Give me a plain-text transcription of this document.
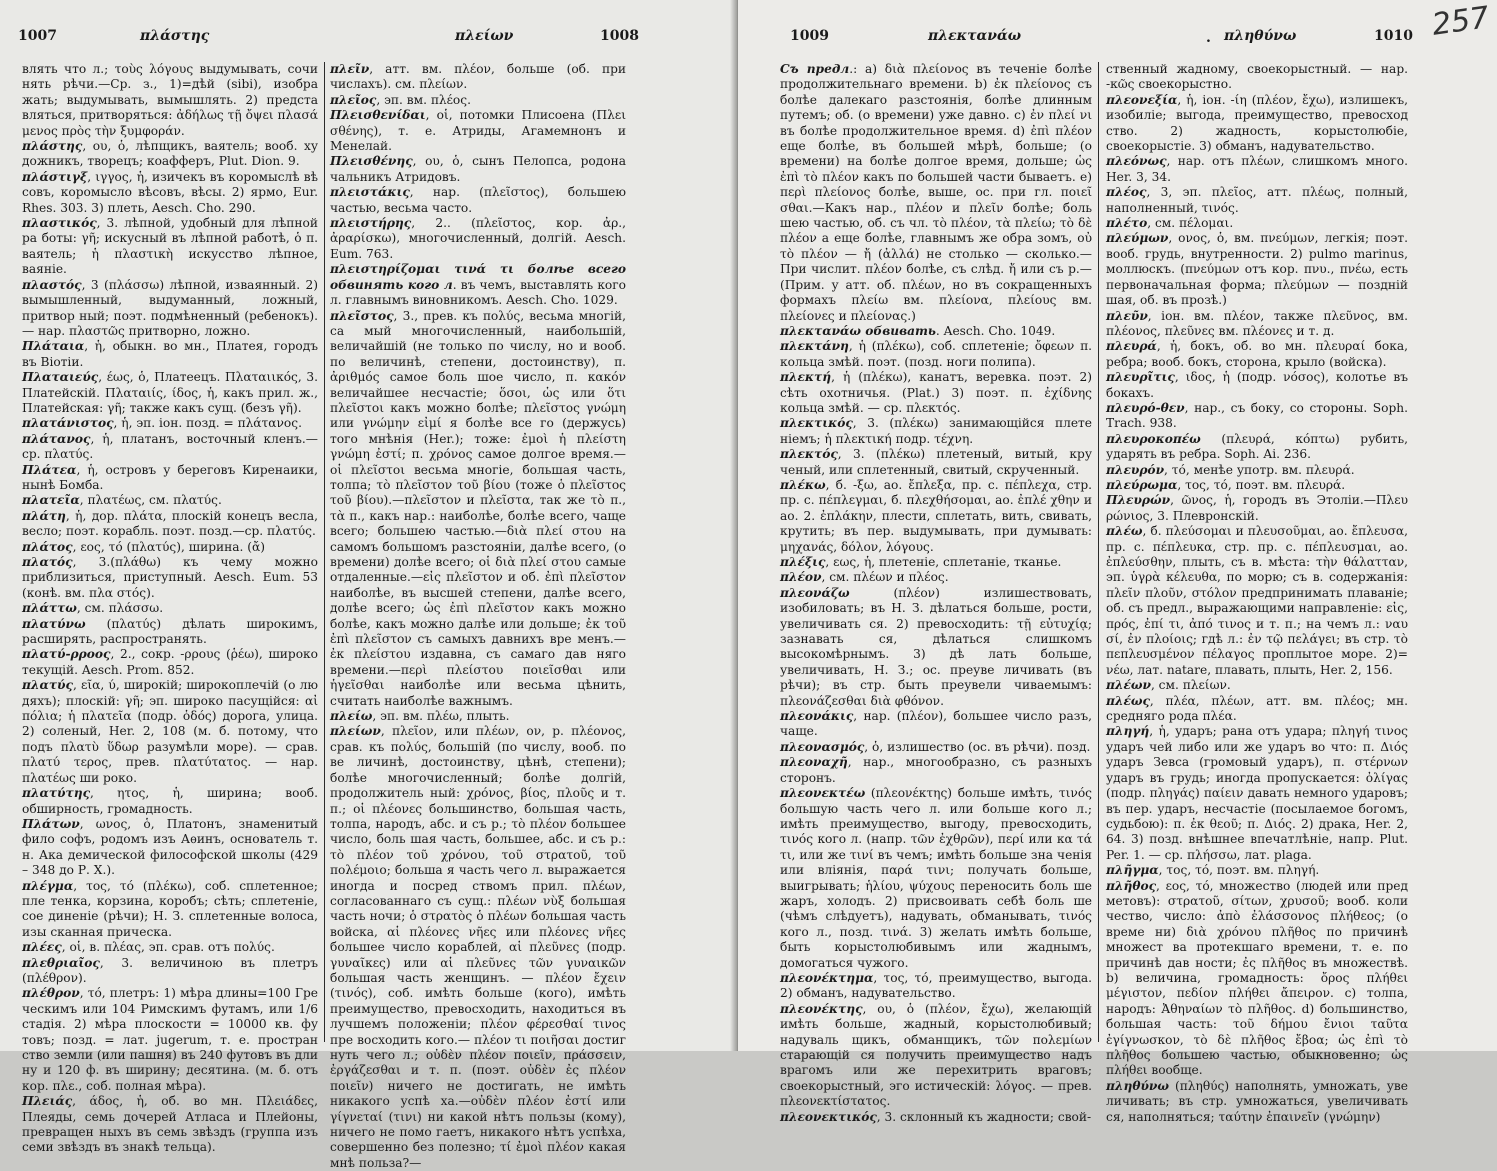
1007	πλάστης	πλείων	1008

влять что л.; τοὺς λόγους выдумывать, сочи нять рѣчи.—Ср. з., 1)=дѣй (sibi), изобра жать; выдумывать, вымышлять. 2) предста вляться, притворяться: ἀδήλως τῇ ὄψει πλασά μενος πρὸς τὴν ξυμφοράν.

πλάστης, ου, ὁ, лѣпщикъ, ваятель; вооб. ху дожникъ, творецъ; коафферъ, Plut. Dion. 9.

πλάστιγξ, ιγγος, ἡ, изичекъ въ коромыслѣ вѣ совъ, коромысло вѣсовъ, вѣсы. 2) ярмо, Eur. Rhes. 303. 3) плеть, Aesch. Cho. 290.

πλαστικός, 3. лѣпной, удобный для лѣпной ра боты: γῆ; искусный въ лѣпной работѣ, ὁ π. ваятель; ἡ πλαστικὴ искусство лѣпное, ваяніе.

πλαστός, 3 (πλάσσω) лѣпной, изваянный. 2) вымышленный, выдуманный, ложный, притвор ный; поэт. подмѣненный (ребенокъ). — нар. πλαστῶς притворно, ложно.

Πλάταια, ἡ, обыкн. во мн., Платея, городъ въ Віотіи.

Πλαταιεύς, έως, ὁ, Платеецъ. Πλαταιικός, 3. Платейскій. Πλαταιίς, ίδος, ἡ, какъ прил. ж., Платейская: γῆ; также какъ сущ. (безъ γῆ).

πλατάνιστος, ἡ, эп. іон. позд. = πλάτανος.

πλάτανος, ἡ, платанъ, восточный кленъ.—ср. πλατύς.

Πλάτεα, ἡ, островъ у береговъ Киренаики, нынѣ Бомба.

πλατεῖα, πλατέως, см. πλατύς.

πλάτη, ἡ, дор. πλάτα, плоскій конецъ весла, весло; поэт. корабль. поэт. позд.—ср. πλατύς.

πλάτος, εος, τό (πλατύς), ширина. (ἄ)

πλατός, 3.(πλάθω) къ чему можно приблизиться, приступный. Aesch. Eum. 53 (конѣ. вм. πλα στός).

πλάττω, см. πλάσσω.

πλατύνω (πλατύς) дѣлать широкимъ, расширять, распространять.

πλατύ-ρροος, 2., сокр. -ρρους (ῥέω), широко текущій. Aesch. Prom. 852.

πλατύς, εῖα, ύ, широкій; широкоплечій (о лю дяхъ); плоскій: γῆ; эп. широко пасущійся: αἰ πόλια; ἡ πλατεῖα (подр. ὁδός) дорога, улица. 2) соленый, Her. 2, 108 (м. б. потому, что подъ πλατὺ ὕδωρ разумѣли море). — срав. πλατύ τερος, прев. πλατύτατος. — нар. πλατέως ши роко.

πλατύτης, ητος, ἡ, ширина; вооб. обширность, громадность.

Πλάτων, ωνος, ὁ, Платонъ, знаменитый фило софъ, родомъ изъ Аѳинъ, основатель т. н. Ака демической философской школы (429 – 348 до Р. Х.).

πλέγμα, τος, τό (πλέκω), соб. сплетенное; пле тенка, корзина, коробъ; сѣть; сплетеніе, сое диненіе (рѣчи); Н. З. сплетенные волоса, изы сканная прическа.

πλέες, οἱ, в. πλέας, эп. срав. отъ πολύς.

πλεθριαῖος, 3. величиною въ плетръ (πλέθρον).

πλέθρον, τό, плетръ: 1) мѣра длины=100 Гре ческимъ или 104 Римскимъ футамъ, или 1/6 стадія. 2) мѣра плоскости = 10000 кв. фу товъ; позд. = лат. jugerum, т. е. простран ство земли (или пашня) въ 240 футовъ въ дли ну и 120 ф. въ ширину; десятина. (м. б. отъ кор. πλε., соб. полная мѣра).

Πλειάς, άδος, ἡ, об. во мн. Πλειάδες, Плеяды, семь дочерей Атласа и Плейоны, превращен ныхъ въ семь звѣздъ (группа изъ семи звѣздъ въ знакѣ тельца).

πλεῖν, атт. вм. πλέον, больше (об. при числахъ). см. πλείων.

πλεῖος, эп. вм. πλέος.

Πλεισθενίδαι, οἱ, потомки Плисоена (Πλει σθένης), т. е. Атриды, Агамемнонъ и Менелай.

Πλεισθένης, ου, ὁ, сынъ Пелопса, родона чальникъ Атридовъ.

πλειστάκις, нар. (πλεῖστος), большею частью, весьма часто.

πλειστήρης, 2.. (πλεῖστος, кор. ἀρ., ἀραρίσκω), многочисленный, долгій. Aesch. Eum. 763.

πλειστηρίζομαι τινά τι болѣе всего обвинять кого л. въ чемъ, выставлять кого л. главнымъ виновникомъ. Aesch. Cho. 1029.

πλεῖστος, 3., прев. къ πολύς, весьма многій, са мый многочисленный, наибольшій, величайшій (не только по числу, но и вооб. по величинѣ, степени, достоинству), π. ἀριθμός самое боль шое число, π. κακόν величайшее несчастіе; ὅσοι, ὡς или ὅτι πλεῖστοι какъ можно болѣе; πλεῖστος γνώμη или γνώμην εἰμί я болѣе все го (держусь) того мнѣнія (Her.); тоже: ἐμοὶ ἡ πλείστη γνώμη ἐστί; π. χρόνος самое долгое время.—οἱ πλεῖστοι весьма многіе, большая часть, толпа; τὸ πλεῖστον τοῦ βίου (тоже ὁ πλεῖστος τοῦ βίου).—πλεῖστον и πλεῖστα, так же τὸ π., τὰ π., какъ нар.: наиболѣе, болѣе всего, чаще всего; большею частью.—διὰ πλεί στου на самомъ большомъ разстояніи, далѣе всего, (о времени) долѣе всего; οἱ διὰ πλεί στου самые отдаленные.—εἰς πλεῖστον и об. ἐπὶ πλεῖστον наиболѣе, въ высшей степени, далѣе всего, долѣе всего; ὡς ἐπὶ πλεῖστον какъ можно болѣе, какъ можно далѣе или дольше; ἐκ τοῦ ἐπὶ πλεῖστον съ самыхъ давнихъ вре менъ.—ἐκ πλείστου издавна, съ самаго дав няго времени.—περὶ πλείστου ποιεῖσθαι или ἡγεῖσθαι наиболѣе или весьма цѣнить, считать наиболѣе важнымъ.

πλείω, эп. вм. πλέω, плыть.

πλείων, πλεῖον, или πλέων, ον, р. πλέονος, срав. къ πολύς, большій (по числу, вооб. по ве личинѣ, достоинству, цѣнѣ, степени); болѣе многочисленный; болѣе долгій, продолжитель ный: χρόνος, βίος, πλοῦς и т. п.; οἱ πλέονες большинство, большая часть, толпа, народъ, абс. и съ р.; τὸ πλέον большее число, боль шая часть, большее, абс. и съ р.: τὸ πλέον τοῦ χρόνου, τοῦ στρατοῦ, τοῦ πολέμοιο; больша я часть чего л. выражается иногда и посред ствомъ прил. πλέων, согласованнаго съ сущ.: πλέων νὺξ большая часть ночи; ὁ στρατὸς ὁ πλέων большая часть войска, αἱ πλέονες νῆες или πλέονες νῆες большее число кораблей, αἱ πλεῦνες (подр. γυναῖκες) или αἱ πλεῦνες τῶν γυναικῶν большая часть женщинъ. — πλέον ἔχειν (τινός), соб. имѣть больше (кого), имѣть преимущество, превосходить, находиться въ лучшемъ положеніи; πλέον φέρεσθαί τινος пре восходить кого.— πλέον τι ποιῆσαι достиг нуть чего л.; οὐδὲν πλέον ποιεῖν, πράσσειν, ἐργάζεσθαι и т. п. (поэт. οὐδὲν ἐς πλέον ποιεῖν) ничего не достигать, не имѣть никакого успѣ ха.—οὐδὲν πλέον ἐστί или γίγνεταί (τινι) ни какой нѣтъ пользы (кому), ничего не помо гаетъ, никакого нѣтъ успѣха, совершенно без полезно; τί ἐμοὶ πλέον какая мнѣ польза?—

257
1009	πλεκτανάω	. πληθύνω	1010

Съ предл.: а) διὰ πλείονος въ теченіе болѣе продолжительнаго времени. b) ἐκ πλείονος съ болѣе далекаго разстоянія, болѣе длинным путемъ; об. (о времени) уже давно. с) ἐν πλεί νι въ болѣе продолжительное время. d) ἐπὶ πλέον еще болѣе, въ большей мѣрѣ, больше; (о времени) на болѣе долгое время, дольше; ὡς ἐπὶ τὸ πλέον какъ по большей части бываетъ. е) περὶ πλείονος болѣе, выше, ос. при гл. ποιεῖ σθαι.—Какъ нар., πλέον и πλεῖν болѣе; боль шею частью, об. съ чл. τὸ πλέον, τὰ πλείω; τὸ δὲ πλέον а еще болѣе, главнымъ же обра зомъ, οὐ τὸ πλέον — ἤ (ἀλλά) не столько — сколько.—При числит. πλέον болѣе, съ слѣд. ἤ или съ р.—(Прим. у атт. об. πλέων, но въ сокращенныхъ формахъ πλείω вм. πλείονα, πλείους вм. πλείονες и πλείονας.)

πλεκτανάω обвивать. Aesch. Cho. 1049.

πλεκτάνη, ἡ (πλέκω), соб. сплетеніе; ὄφεων π. кольца змѣй. поэт. (позд. ноги полипа).

πλεκτή, ἡ (πλέκω), канатъ, веревка. поэт. 2) сѣть охотничья. (Plat.) 3) поэт. π. ἐχίδνης кольца змѣй. — ср. πλεκτός.

πλεκτικός, 3. (πλέκω) занимающійся плете ніемъ; ἡ πλεκτική подр. τέχνη.

πλεκτός, 3. (πλέκω) плетеный, витый, кру ченый, или сплетенный, свитый, скрученный.

πλέκω, б. -ξω, ао. ἔπλεξα, пр. с. πέπλεχα, стр. пр. с. πέπλεγμαι, б. πλεχθήσομαι, ао. ἐπλέ χθην и ао. 2. ἐπλάκην, плести, сплетать, вить, свивать, крутить; въ пер. выдумывать, при думывать: μηχανάς, δόλον, λόγους.

πλέξις, εως, ἡ, плетеніе, сплетаніе, тканье.

πλέον, см. πλέων и πλέος.

πλεονάζω (πλέον) излишествовать, изобиловать; въ Н. З. дѣлаться больше, рости, увеличивать ся. 2) превосходить: τῇ εὐτυχίᾳ; зазнавать ся, дѣлаться слишкомъ высокомѣрнымъ. 3) дѣ лать больше, увеличивать, Н. З.; ос. преуве личивать (въ рѣчи); въ стр. быть преувели чиваемымъ: πλεονάζεσθαι διὰ φθόνον.

πλεονάκις, нар. (πλέον), большее число разъ, чаще.

πλεονασμός, ὁ, излишество (ос. въ рѣчи). позд.

πλεοναχῆ, нар., многообразно, съ разныхъ сторонъ.

πλεονεκτέω (πλεονέκτης) больше имѣть, τινός большую часть чего л. или больше кого л.; имѣть преимущество, выгоду, превосходить, τινός кого л. (напр. τῶν ἐχθρῶν), περί или κα τά τι, или же τινί въ чемъ; имѣть больше зна ченія или вліянія, παρά τινι; получать больше, выигрывать; ἡλίου, ψύχους переносить боль ше жаръ, холодъ. 2) присвоивать себѣ боль ше (чѣмъ слѣдуетъ), надувать, обманывать, τινός кого л., позд. τινά. 3) желать имѣть больше, быть корыстолюбивымъ или жаднымъ, домогаться чужого.

πλεονέκτημα, τος, τό, преимущество, выгода. 2) обманъ, надувательство.

πλεονέκτης, ου, ὁ (πλέον, ἔχω), желающій имѣть больше, жадный, корыстолюбивый; надуваль щикъ, обманщикъ, τῶν πολεμίων старающій ся получить преимущество надъ врагомъ или же перехитрить враговъ; своекорыстный, эго истическій: λόγος. — прев. πλεονεκτίστατος.

πλεονεκτικός, 3. склонный къ жадности; свой-

ственный жадному, своекорыстный. — нар. -κῶς своекорыстно.

πλεονεξία, ἡ, іон. -ίη (πλέον, ἔχω), излишекъ, изобиліе; выгода, преимущество, превосход ство. 2) жадность, корыстолюбіе, своекорыстіе. 3) обманъ, надувательство.

πλεόνως, нар. отъ πλέων, слишкомъ много. Her. 3, 34.

πλέος, 3, эп. πλεῖος, атт. πλέως, полный, наполненный, τινός.

πλέτο, см. πέλομαι.

πλεύμων, ονος, ὁ, вм. πνεύμων, легкія; поэт. вооб. грудь, внутренности. 2) pulmo marinus, моллюскъ. (πνεύμων отъ кор. πνυ., πνέω, есть первоначальная форма; πλεύμων — поздній шая, об. въ прозѣ.)

πλεῦν, іон. вм. πλέον, также πλεῦνος, вм. πλέονος, πλεῦνες вм. πλέονες и т. д.

πλευρά, ἡ, бокъ, об. во мн. πλευραί бока, ребра; вооб. бокъ, сторона, крыло (войска).

πλευρῖτις, ιδος, ἡ (подр. νόσος), колотье въ бокахъ.

πλευρό-θεν, нар., съ боку, со стороны. Soph. Trach. 938.

πλευροκοπέω (πλευρά, κόπτω) рубить, ударять въ ребра. Soph. Ai. 236.

πλευρόν, τό, менѣе употр. вм. πλευρά.

πλεύρωμα, τος, τό, поэт. вм. πλευρά.

Πλευρών, ῶνος, ἡ, городъ въ Этоліи.—Πλευ ρώνιος, 3. Плевронскій.

πλέω, б. πλεύσομαι и πλευσοῦμαι, ао. ἔπλευσα, пр. с. πέπλευκα, стр. пр. с. πέπλευσμαι, ао. ἐπλεύσθην, плыть, съ в. мѣста: τὴν θάλατταν, эп. ὑγρὰ κέλευθα, по морю; съ в. содержанія: πλεῖν πλοῦν, στόλον предпринимать плаваніе; об. съ предл., выражающими направленіе: εἰς, πρός, ἐπί τι, ἀπό τινος и т. п.; на чемъ л.: ναυ σί, ἐν πλοίοις; гдѣ л.: ἐν τῷ πελάγει; въ стр. τὸ πεπλευσμένον πέλαγος проплытое море. 2)= νέω, лат. natare, плавать, плыть, Her. 2, 156.

πλέων, см. πλείων.

πλέως, πλέα, πλέων, атт. вм. πλέος; мн. средняго рода πλέα.

πληγή, ἡ, ударъ; рана отъ удара; πληγή τινος ударъ чей либо или же ударъ во что: π. Διός ударъ Зевса (громовый ударъ), π. στέρνων ударъ въ грудь; иногда пропускается: ὀλίγας (подр. πληγάς) παίειν давать немного ударовъ; въ пер. ударъ, несчастіе (посылаемое богомъ, судьбою): π. ἐκ θεοῦ; π. Διός. 2) драка, Her. 2, 64. 3) позд. внѣшнее впечатлѣніе, напр. Plut. Per. 1. — ср. πλήσσω, лат. plaga.

πλῆγμα, τος, τό, поэт. вм. πληγή.

πλῆθος, εος, τό, множество (людей или пред метовъ): στρατοῦ, σίτων, χρυσοῦ; вооб. коли чество, число: ἀπὸ ἐλάσσονος πλήθεος; (о време ни) διὰ χρόνου πλῆθος по причинѣ множест ва протекшаго времени, т. е. по причинѣ дав ности; ἐς πλῆθος въ множествѣ. b) величина, громадность: ὄρος πλήθει μέγιστον, πεδίον πλήθει ἄπειρον. с) толпа, народъ: Ἀθηναίων τὸ πλῆθος. d) большинство, большая часть: τοῦ δήμου ἔνιοι ταῦτα ἐγίγνωσκον, τὸ δὲ πλῆθος ἔβοα; ὡς ἐπὶ τὸ πλῆθος большею частью, обыкновенно; ὡς πλήθει вообще.

πληθύνω (πληθύς) наполнять, умножать, уве личивать; въ стр. умножаться, увеличивать ся, наполняться; ταύτην ἐπαινεῖν (γνώμην)
